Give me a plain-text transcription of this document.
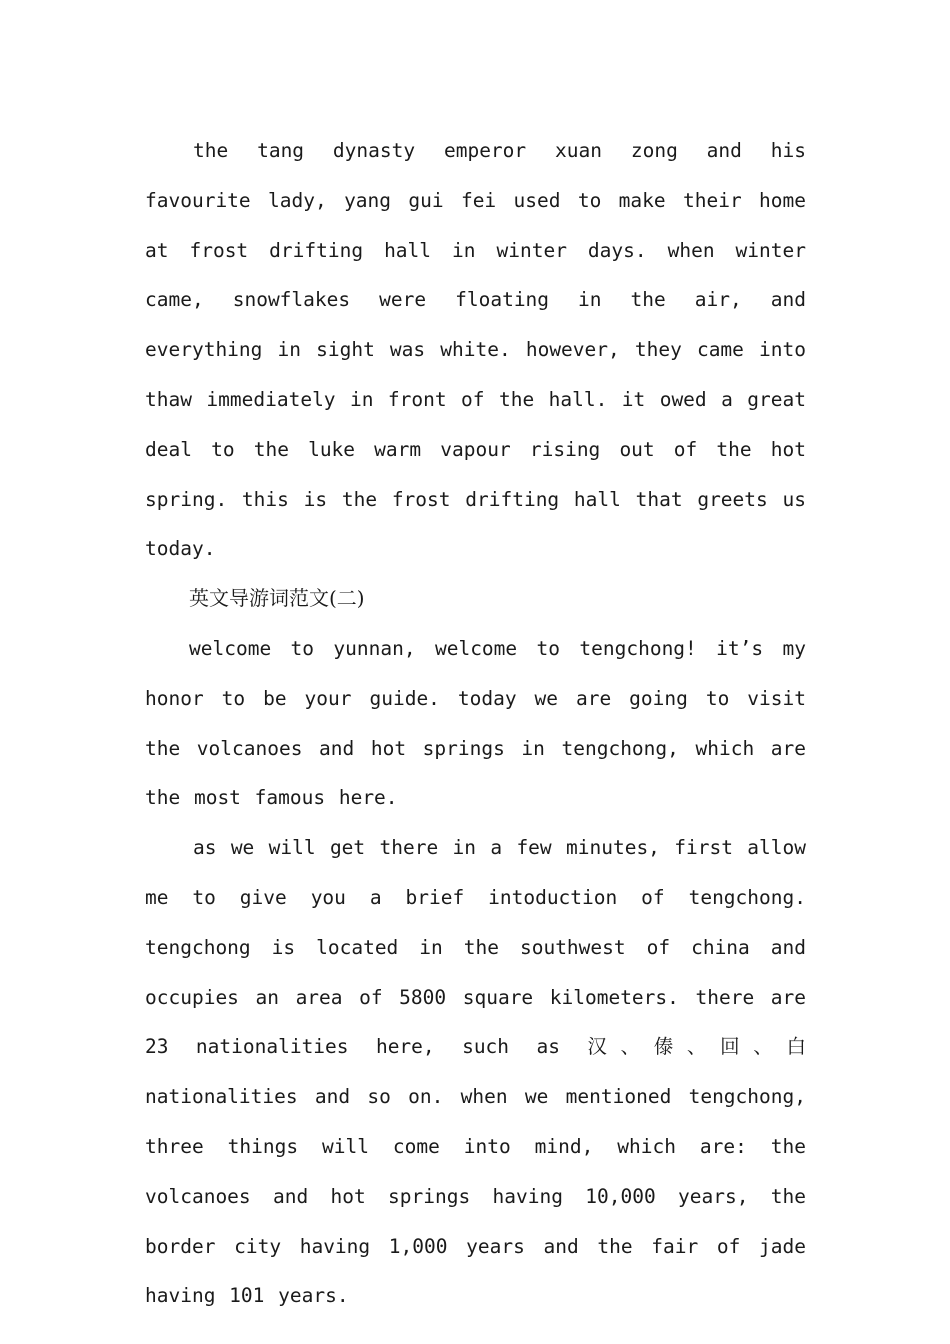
the tang dynasty emperor xuan zong and his favourite lady, yang gui fei used to make their home at frost drifting hall in winter days. when winter came, snowflakes were floating in the air, and everything in sight was white. however, they came into thaw immediately in front of the hall. it owed a great deal to the luke warm vapour rising out of the hot spring. this is the frost drifting hall that greets us today.

英文导游词范文(二)

welcome to yunnan, welcome to tengchong! it’s my honor to be your guide. today we are going to visit the volcanoes and hot springs in tengchong, which are the most famous here.

as we will get there in a few minutes, first allow me to give you a brief intoduction of tengchong. tengchong is located in the southwest of china and occupies an area of 5800 square kilometers. there are 23 nationalities here, such as 汉、傣、回、白 nationalities and so on. when we mentioned tengchong, three things will come into mind, which are: the volcanoes and hot springs having 10,000 years, the border city having 1,000 years and the fair of jade having 101 years.
